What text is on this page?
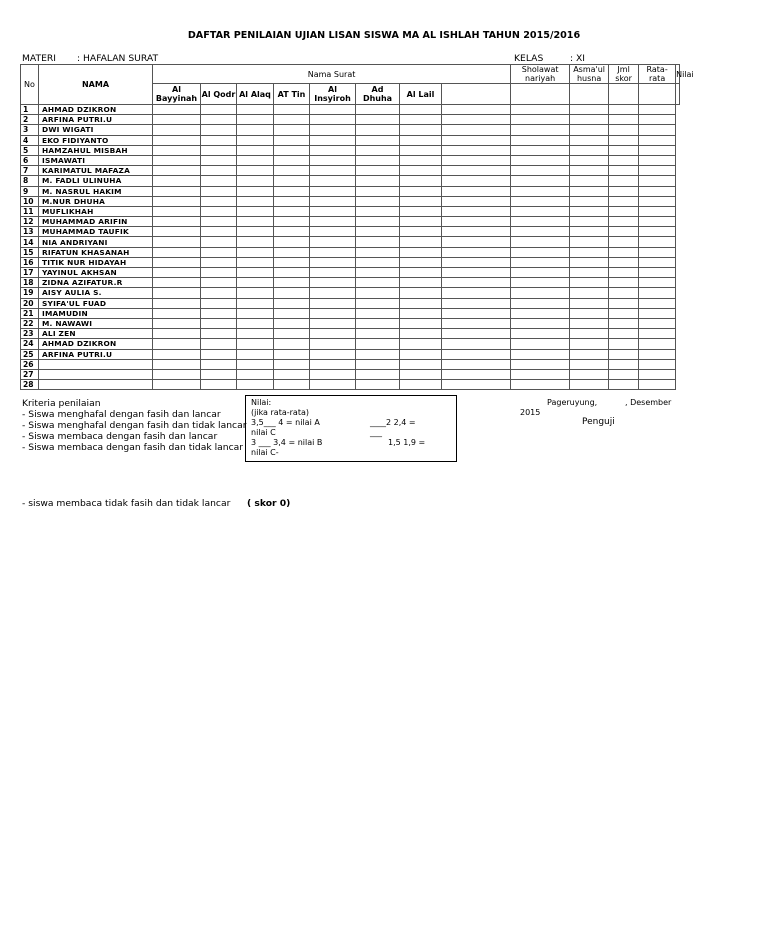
DAFTAR PENILAIAN UJIAN LISAN SISWA MA AL ISHLAH TAHUN 2015/2016
MATERI : HAFALAN SURAT	KELAS	: XI
No	NAMA	Nama Surat								Sholawat nariyah	Asma'ul husna	Jml skor	Rata-rata	Nilai
		Al Bayyinah	Al Qodr	Al Alaq	AT Tin	Al Insyiroh	Ad Dhuha	Al Lail						
1	AHMAD DZIKRON													
2	ARFINA PUTRI.U													
3	DWI WIGATI													
4	EKO FIDIYANTO													
5	HAMZAHUL MISBAH													
6	ISMAWATI													
7	KARIMATUL MAFAZA													
8	M. FADLI ULINUHA													
9	M. NASRUL HAKIM													
10	M.NUR DHUHA													
11	MUFLIKHAH													
12	MUHAMMAD ARIFIN													
13	MUHAMMAD TAUFIK													
14	NIA ANDRIYANI													
15	RIFATUN KHASANAH													
16	TITIK NUR HIDAYAH													
17	YAYINUL AKHSAN													
18	ZIDNA AZIFATUR.R													
19	AISY AULIA S.													
20	SYIFA'UL FUAD													
21	IMAMUDIN													
22	M. NAWAWI													
23	ALI ZEN													
24	AHMAD DZIKRON													
25	ARFINA PUTRI.U													
26														
27														
28														
Kriteria penilaian
- Siswa menghafal dengan fasih dan lancar
- Siswa menghafal dengan fasih dan tidak lancar
- Siswa membaca dengan fasih dan lancar
- Siswa membaca dengan fasih dan tidak lancar
- siswa membaca tidak fasih dan tidak lancar ( skor 0)
Nilai:
(jika rata-rata)
3,5___ 4 = nilai A
nilai C
3 ___ 3,4 = nilai B
nilai C-
____2 2,4 =
___
1,5 1,9 =
Pageruyung,	, Desember
2015
Penguji
